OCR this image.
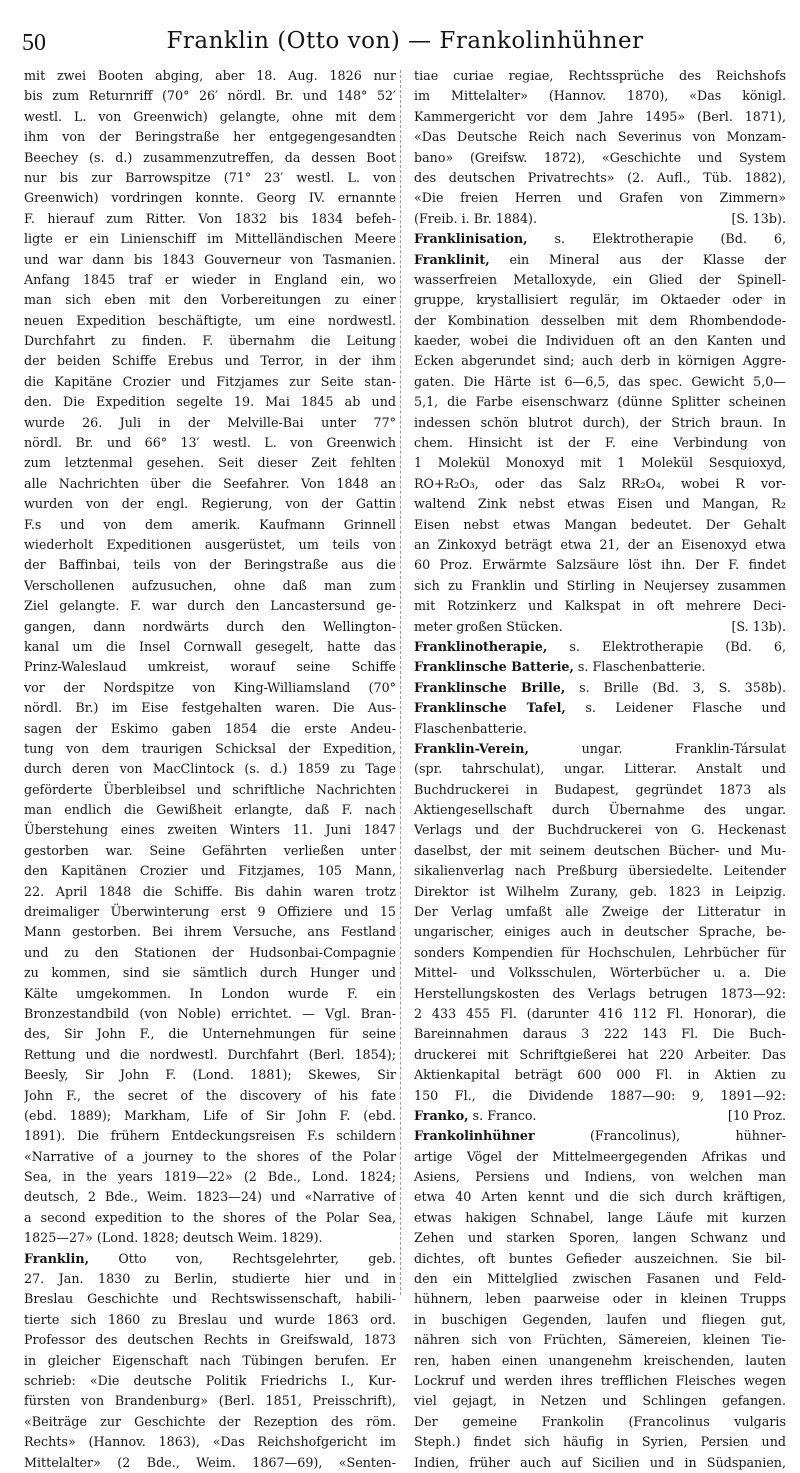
50	Franklin (Otto von) — Frankolinhühner
mit zwei Booten abging, aber 18. Aug. 1826 nur
bis zum Returnriff (70° 26′ nördl. Br. und 148° 52′
westl. L. von Greenwich) gelangte, ohne mit dem
ihm von der Beringstraße her entgegengesandten
Beechey (s. d.) zusammenzutreffen, da dessen Boot
nur bis zur Barrowspitze (71° 23′ westl. L. von
Greenwich) vordringen konnte. Georg IV. ernannte
F. hierauf zum Ritter. Von 1832 bis 1834 befeh-
ligte er ein Linienschiff im Mittelländischen Meere
und war dann bis 1843 Gouverneur von Tasmanien.
Anfang 1845 traf er wieder in England ein, wo
man sich eben mit den Vorbereitungen zu einer
neuen Expedition beschäftigte, um eine nordwestl.
Durchfahrt zu finden. F. übernahm die Leitung
der beiden Schiffe Erebus und Terror, in der ihm
die Kapitäne Crozier und Fitzjames zur Seite stan-
den. Die Expedition segelte 19. Mai 1845 ab und
wurde 26. Juli in der Melville-Bai unter 77°
nördl. Br. und 66° 13′ westl. L. von Greenwich
zum letztenmal gesehen. Seit dieser Zeit fehlten
alle Nachrichten über die Seefahrer. Von 1848 an
wurden von der engl. Regierung, von der Gattin
F.s und von dem amerik. Kaufmann Grinnell
wiederholt Expeditionen ausgerüstet, um teils von
der Baffinbai, teils von der Beringstraße aus die
Verschollenen aufzusuchen, ohne daß man zum
Ziel gelangte. F. war durch den Lancastersund ge-
gangen, dann nordwärts durch den Wellington-
kanal um die Insel Cornwall gesegelt, hatte das
Prinz-Waleslaud umkreist, worauf seine Schiffe
vor der Nordspitze von King-Williamsland (70°
nördl. Br.) im Eise festgehalten waren. Die Aus-
sagen der Eskimo gaben 1854 die erste Andeu-
tung von dem traurigen Schicksal der Expedition,
durch deren von MacClintock (s. d.) 1859 zu Tage
geförderte Überbleibsel und schriftliche Nachrichten
man endlich die Gewißheit erlangte, daß F. nach
Überstehung eines zweiten Winters 11. Juni 1847
gestorben war. Seine Gefährten verließen unter
den Kapitänen Crozier und Fitzjames, 105 Mann,
22. April 1848 die Schiffe. Bis dahin waren trotz
dreimaliger Überwinterung erst 9 Offiziere und 15
Mann gestorben. Bei ihrem Versuche, ans Festland
und zu den Stationen der Hudsonbai-Compagnie
zu kommen, sind sie sämtlich durch Hunger und
Kälte umgekommen. In London wurde F. ein
Bronzestandbild (von Noble) errichtet. — Vgl. Bran-
des, Sir John F., die Unternehmungen für seine
Rettung und die nordwestl. Durchfahrt (Berl. 1854);
Beesly, Sir John F. (Lond. 1881); Skewes, Sir
John F., the secret of the discovery of his fate
(ebd. 1889); Markham, Life of Sir John F. (ebd.
1891). Die frühern Entdeckungsreisen F.s schildern
«Narrative of a journey to the shores of the Polar
Sea, in the years 1819—22» (2 Bde., Lond. 1824;
deutsch, 2 Bde., Weim. 1823—24) und «Narrative of
a second expedition to the shores of the Polar Sea,
1825—27» (Lond. 1828; deutsch Weim. 1829).
Franklin, Otto von, Rechtsgelehrter, geb.
27. Jan. 1830 zu Berlin, studierte hier und in
Breslau Geschichte und Rechtswissenschaft, habili-
tierte sich 1860 zu Breslau und wurde 1863 ord.
Professor des deutschen Rechts in Greifswald, 1873
in gleicher Eigenschaft nach Tübingen berufen. Er
schrieb: «Die deutsche Politik Friedrichs I., Kur-
fürsten von Brandenburg» (Berl. 1851, Preisschrift),
«Beiträge zur Geschichte der Rezeption des röm.
Rechts» (Hannov. 1863), «Das Reichshofgericht im
Mittelalter» (2 Bde., Weim. 1867—69), «Senten-
tiae curiae regiae, Rechtssprüche des Reichshofs
im Mittelalter» (Hannov. 1870), «Das königl.
Kammergericht vor dem Jahre 1495» (Berl. 1871),
«Das Deutsche Reich nach Severinus von Monzam-
bano» (Greifsw. 1872), «Geschichte und System
des deutschen Privatrechts» (2. Aufl., Tüb. 1882),
«Die freien Herren und Grafen von Zimmern»
[S. 13b).
(Freib. i. Br. 1884).
Franklinisation, s. Elektrotherapie (Bd. 6,
Franklinit, ein Mineral aus der Klasse der
wasserfreien Metalloxyde, ein Glied der Spinell-
gruppe, krystallisiert regulär, im Oktaeder oder in
der Kombination desselben mit dem Rhombendode-
kaeder, wobei die Individuen oft an den Kanten und
Ecken abgerundet sind; auch derb in körnigen Aggre-
gaten. Die Härte ist 6—6,5, das spec. Gewicht 5,0—
5,1, die Farbe eisenschwarz (dünne Splitter scheinen
indessen schön blutrot durch), der Strich braun. In
chem. Hinsicht ist der F. eine Verbindung von
1 Molekül Monoxyd mit 1 Molekül Sesquioxyd,
RO+R₂O₃, oder das Salz RR₂O₄, wobei R vor-
waltend Zink nebst etwas Eisen und Mangan, R₂
Eisen nebst etwas Mangan bedeutet. Der Gehalt
an Zinkoxyd beträgt etwa 21, der an Eisenoxyd etwa
60 Proz. Erwärmte Salzsäure löst ihn. Der F. findet
sich zu Franklin und Stirling in Neujersey zusammen
mit Rotzinkerz und Kalkspat in oft mehrere Deci-
[S. 13b).
meter großen Stücken.
Franklinotherapie, s. Elektrotherapie (Bd. 6,
Franklinsche Batterie, s. Flaschenbatterie.
Franklinsche Brille, s. Brille (Bd. 3, S. 358b).
Franklinsche Tafel, s. Leidener Flasche und
Flaschenbatterie.
Franklin-Verein, ungar. Franklin-Társulat
(spr. tahrschulat), ungar. Litterar. Anstalt und
Buchdruckerei in Budapest, gegründet 1873 als
Aktiengesellschaft durch Übernahme des ungar.
Verlags und der Buchdruckerei von G. Heckenast
daselbst, der mit seinem deutschen Bücher- und Mu-
sikalienverlag nach Preßburg übersiedelte. Leitender
Direktor ist Wilhelm Zurany, geb. 1823 in Leipzig.
Der Verlag umfaßt alle Zweige der Litteratur in
ungarischer, einiges auch in deutscher Sprache, be-
sonders Kompendien für Hochschulen, Lehrbücher für
Mittel- und Volksschulen, Wörterbücher u. a. Die
Herstellungskosten des Verlags betrugen 1873—92:
2 433 455 Fl. (darunter 416 112 Fl. Honorar), die
Bareinnahmen daraus 3 222 143 Fl. Die Buch-
druckerei mit Schriftgießerei hat 220 Arbeiter. Das
Aktienkapital beträgt 600 000 Fl. in Aktien zu
150 Fl., die Dividende 1887—90: 9, 1891—92:
[10 Proz.
Franko, s. Franco.
Frankolinhühner (Francolinus), hühner-
artige Vögel der Mittelmeergegenden Afrikas und
Asiens, Persiens und Indiens, von welchen man
etwa 40 Arten kennt und die sich durch kräftigen,
etwas hakigen Schnabel, lange Läufe mit kurzen
Zehen und starken Sporen, langen Schwanz und
dichtes, oft buntes Gefieder auszeichnen. Sie bil-
den ein Mittelglied zwischen Fasanen und Feld-
hühnern, leben paarweise oder in kleinen Trupps
in buschigen Gegenden, laufen und fliegen gut,
nähren sich von Früchten, Sämereien, kleinen Tie-
ren, haben einen unangenehm kreischenden, lauten
Lockruf und werden ihres trefflichen Fleisches wegen
viel gejagt, in Netzen und Schlingen gefangen.
Der gemeine Frankolin (Francolinus vulgaris
Steph.) findet sich häufig in Syrien, Persien und
Indien, früher auch auf Sicilien und in Südspanien,
